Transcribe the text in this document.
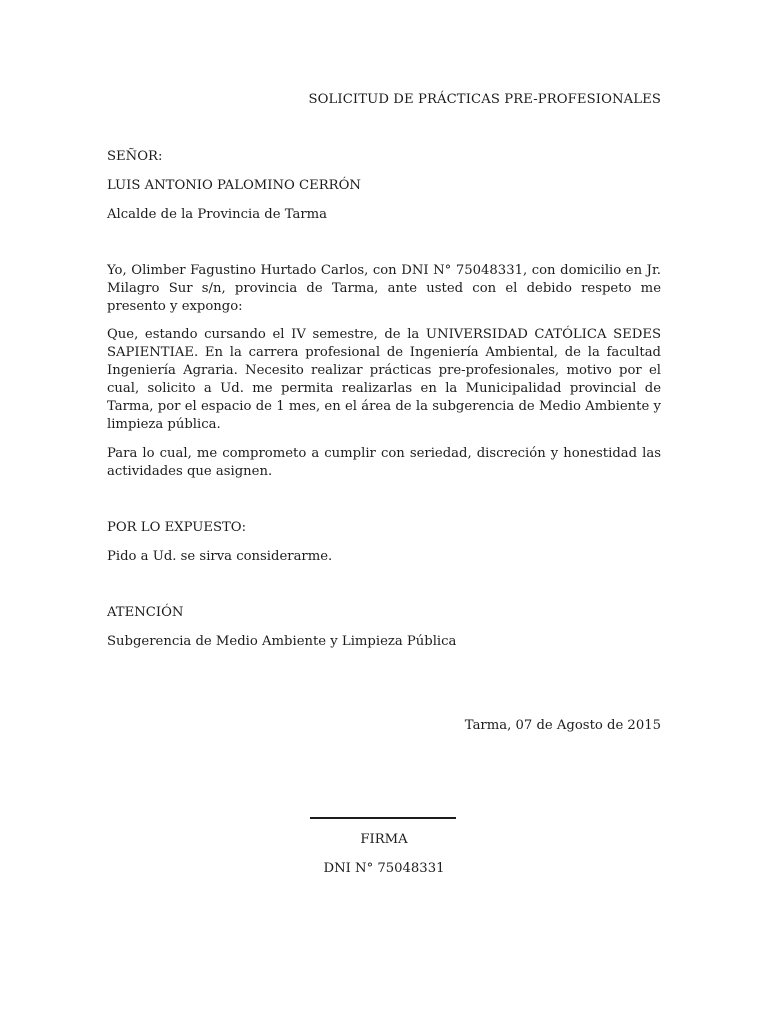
SOLICITUD DE PRÁCTICAS PRE-PROFESIONALES

SEÑOR:

LUIS ANTONIO PALOMINO CERRÓN

Alcalde de la Provincia de Tarma

Yo, Olimber Fagustino Hurtado Carlos, con DNI N° 75048331, con domicilio en Jr. Milagro Sur s/n, provincia de Tarma, ante usted con el debido respeto me presento y expongo:

Que, estando cursando el IV semestre, de la UNIVERSIDAD CATÓLICA SEDES SAPIENTIAE. En la carrera profesional de Ingeniería Ambiental, de la facultad Ingeniería Agraria. Necesito realizar prácticas pre-profesionales, motivo por el cual, solicito a Ud. me permita realizarlas en la Municipalidad provincial de Tarma, por el espacio de 1 mes, en el área de la subgerencia de Medio Ambiente y limpieza pública.

Para lo cual, me comprometo a cumplir con seriedad, discreción y honestidad las actividades que asignen.

POR LO EXPUESTO:

Pido a Ud. se sirva considerarme.

ATENCIÓN

Subgerencia de Medio Ambiente y Limpieza Pública

Tarma, 07 de Agosto de 2015

FIRMA

DNI N° 75048331
